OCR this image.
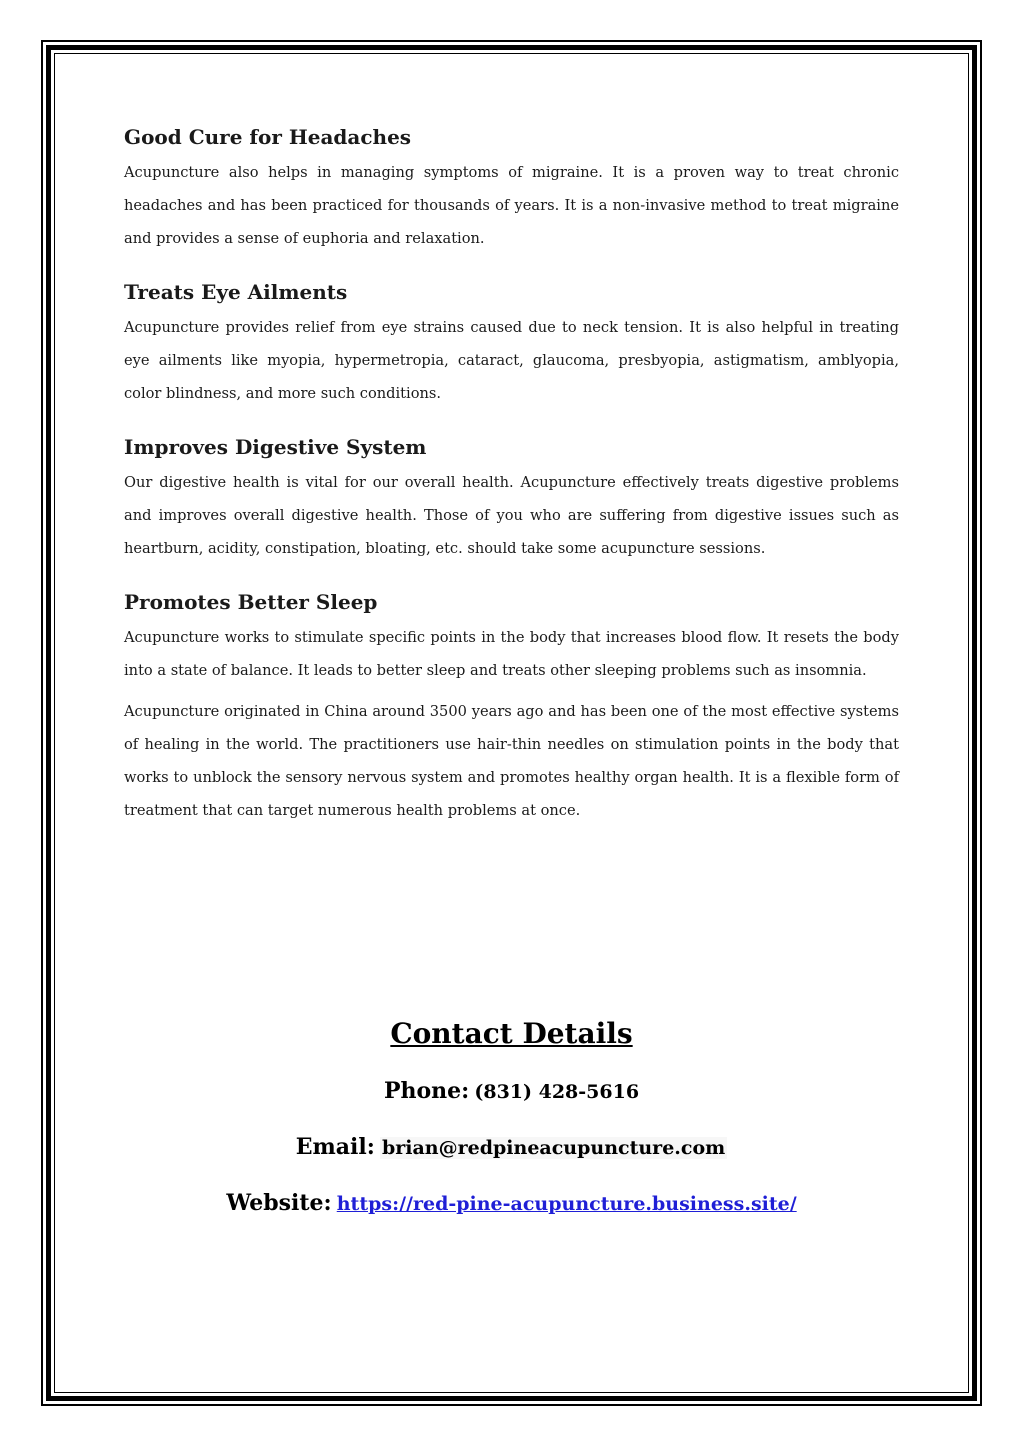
Good Cure for Headaches

Acupuncture also helps in managing symptoms of migraine. It is a proven way to treat chronic headaches and has been practiced for thousands of years. It is a non-invasive method to treat migraine and provides a sense of euphoria and relaxation.

Treats Eye Ailments

Acupuncture provides relief from eye strains caused due to neck tension. It is also helpful in treating eye ailments like myopia, hypermetropia, cataract, glaucoma, presbyopia, astigmatism, amblyopia, color blindness, and more such conditions.

Improves Digestive System

Our digestive health is vital for our overall health. Acupuncture effectively treats digestive problems and improves overall digestive health. Those of you who are suffering from digestive issues such as heartburn, acidity, constipation, bloating, etc. should take some acupuncture sessions.

Promotes Better Sleep

Acupuncture works to stimulate specific points in the body that increases blood flow. It resets the body into a state of balance. It leads to better sleep and treats other sleeping problems such as insomnia.

Acupuncture originated in China around 3500 years ago and has been one of the most effective systems of healing in the world. The practitioners use hair-thin needles on stimulation points in the body that works to unblock the sensory nervous system and promotes healthy organ health. It is a flexible form of treatment that can target numerous health problems at once.

Contact Details
Phone: (831) 428-5616
Email: brian@redpineacupuncture.com
Website: https://red-pine-acupuncture.business.site/
